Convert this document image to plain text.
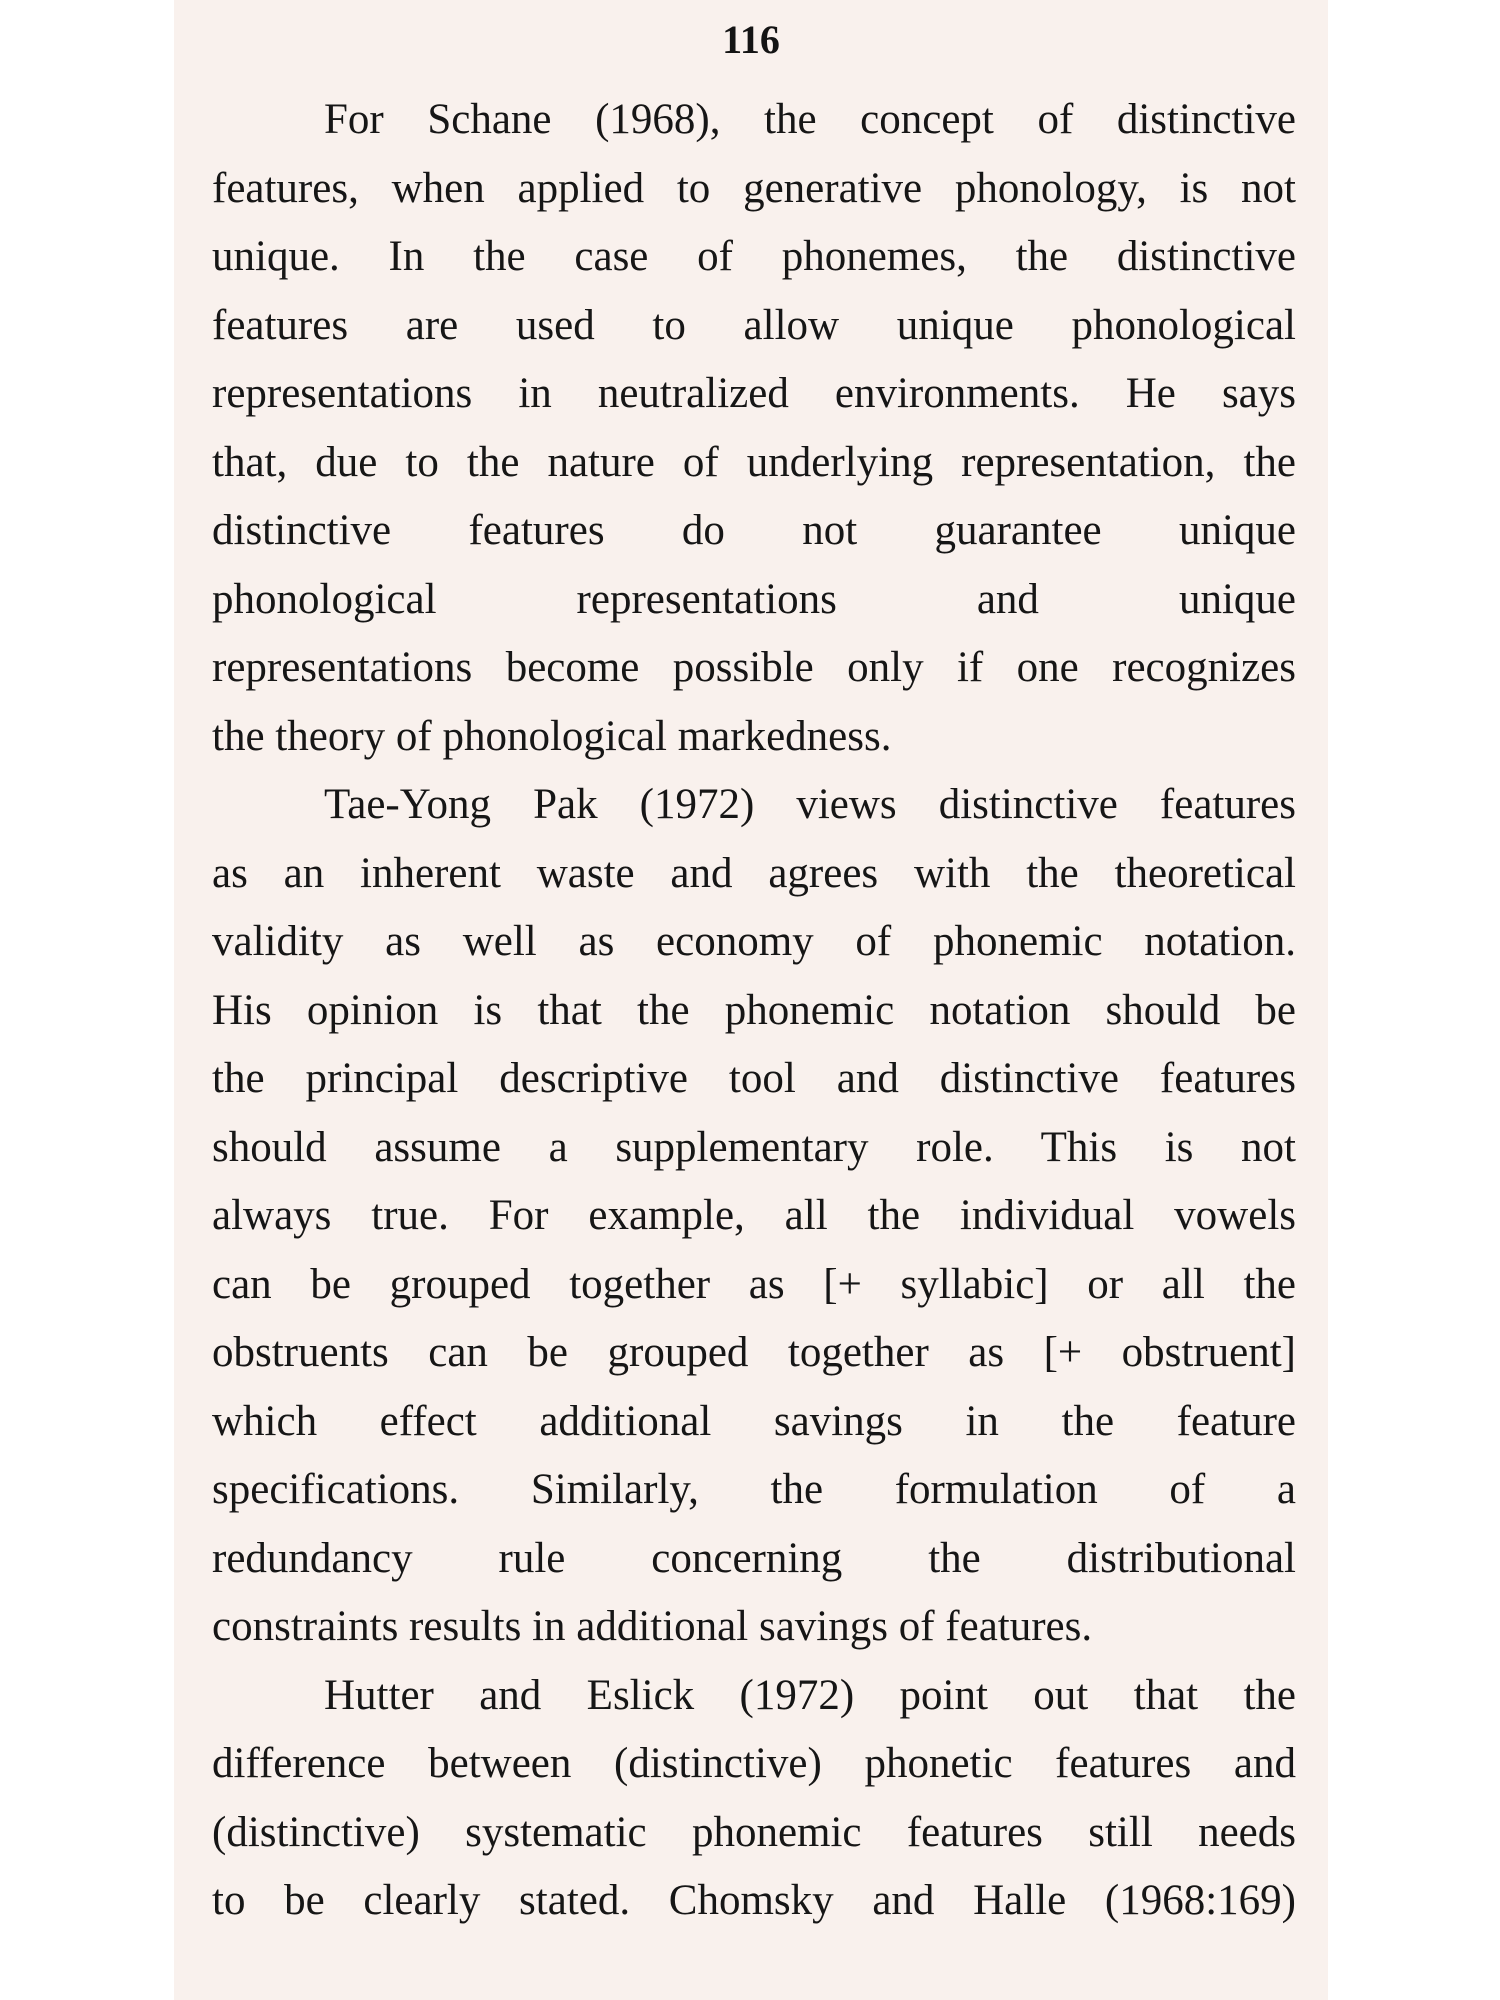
116
For Schane (1968), the concept of distinctive
features, when applied to generative phonology, is not
unique. In the case of phonemes, the distinctive
features are used to allow unique phonological
representations in neutralized environments. He says
that, due to the nature of underlying representation, the
distinctive features do not guarantee unique
phonological representations and unique
representations become possible only if one recognizes
the theory of phonological markedness.
Tae-Yong Pak (1972) views distinctive features
as an inherent waste and agrees with the theoretical
validity as well as economy of phonemic notation.
His opinion is that the phonemic notation should be
the principal descriptive tool and distinctive features
should assume a supplementary role. This is not
always true. For example, all the individual vowels
can be grouped together as [+ syllabic] or all the
obstruents can be grouped together as [+ obstruent]
which effect additional savings in the feature
specifications. Similarly, the formulation of a
redundancy rule concerning the distributional
constraints results in additional savings of features.
Hutter and Eslick (1972) point out that the
difference between (distinctive) phonetic features and
(distinctive) systematic phonemic features still needs
to be clearly stated. Chomsky and Halle (1968:169)
